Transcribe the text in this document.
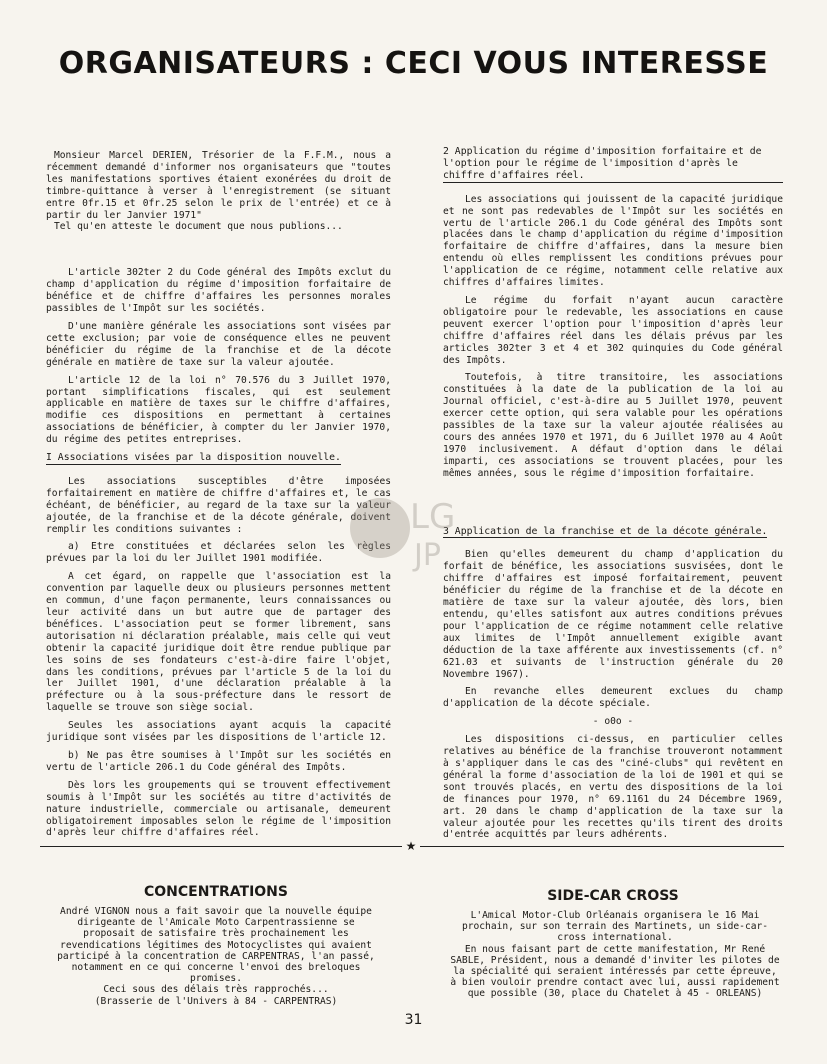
ORGANISATEURS : CECI VOUS INTERESSE

Monsieur Marcel DERIEN, Trésorier de la F.F.M., nous a récemment demandé d'informer nos organisateurs que "toutes les manifestations sportives étaient exonérées du droit de timbre-quittance à verser à l'enregistrement (se situant entre 0fr.15 et 0fr.25 selon le prix de l'entrée) et ce à partir du ler Janvier 1971"

Tel qu'en atteste le document que nous publions...

L'article 302ter 2 du Code général des Impôts exclut du champ d'application du régime d'imposition forfaitaire de bénéfice et de chiffre d'affaires les personnes morales passibles de l'Impôt sur les sociétés.

D'une manière générale les associations sont visées par cette exclusion; par voie de conséquence elles ne peuvent bénéficier du régime de la franchise et de la décote générale en matière de taxe sur la valeur ajoutée.

L'article 12 de la loi n° 70.576 du 3 Juillet 1970, portant simplifications fiscales, qui est seulement applicable en matière de taxes sur le chiffre d'affaires, modifie ces dispositions en permettant à certaines associations de bénéficier, à compter du ler Janvier 1970, du régime des petites entreprises.

I Associations visées par la disposition nouvelle.

Les associations susceptibles d'être imposées forfaitairement en matière de chiffre d'affaires et, le cas échéant, de bénéficier, au regard de la taxe sur la valeur ajoutée, de la franchise et de la décote générale, doivent remplir les conditions suivantes :

a) Etre constituées et déclarées selon les règles prévues par la loi du ler Juillet 1901 modifiée.

A cet égard, on rappelle que l'association est la convention par laquelle deux ou plusieurs personnes mettent en commun, d'une façon permanente, leurs connaissances ou leur activité dans un but autre que de partager des bénéfices. L'association peut se former librement, sans autorisation ni déclaration préalable, mais celle qui veut obtenir la capacité juridique doit être rendue publique par les soins de ses fondateurs c'est-à-dire faire l'objet, dans les conditions, prévues par l'article 5 de la loi du ler Juillet 1901, d'une déclaration préalable à la préfecture ou à la sous-préfecture dans le ressort de laquelle se trouve son siège social.

Seules les associations ayant acquis la capacité juridique sont visées par les dispositions de l'article 12.

b) Ne pas être soumises à l'Impôt sur les sociétés en vertu de l'article 206.1 du Code général des Impôts.

Dès lors les groupements qui se trouvent effectivement soumis à l'Impôt sur les sociétés au titre d'activités de nature industrielle, commerciale ou artisanale, demeurent obligatoirement imposables selon le régime de l'imposition d'après leur chiffre d'affaires réel.

2 Application du régime d'imposition forfaitaire et de l'option pour le régime de l'imposition d'après le chiffre d'affaires réel.

Les associations qui jouissent de la capacité juridique et ne sont pas redevables de l'Impôt sur les sociétés en vertu de l'article 206.1 du Code général des Impôts sont placées dans le champ d'application du régime d'imposition forfaitaire de chiffre d'affaires, dans la mesure bien entendu où elles remplissent les conditions prévues pour l'application de ce régime, notamment celle relative aux chiffres d'affaires limites.

Le régime du forfait n'ayant aucun caractère obligatoire pour le redevable, les associations en cause peuvent exercer l'option pour l'imposition d'après leur chiffre d'affaires réel dans les délais prévus par les articles 302ter 3 et 4 et 302 quinquies du Code général des Impôts.

Toutefois, à titre transitoire, les associations constituées à la date de la publication de la loi au Journal officiel, c'est-à-dire au 5 Juillet 1970, peuvent exercer cette option, qui sera valable pour les opérations passibles de la taxe sur la valeur ajoutée réalisées au cours des années 1970 et 1971, du 6 Juillet 1970 au 4 Août 1970 inclusivement. A défaut d'option dans le délai imparti, ces associations se trouvent placées, pour les mêmes années, sous le régime d'imposition forfaitaire.

3 Application de la franchise et de la décote générale.

Bien qu'elles demeurent du champ d'application du forfait de bénéfice, les associations susvisées, dont le chiffre d'affaires est imposé forfaitairement, peuvent bénéficier du régime de la franchise et de la décote en matière de taxe sur la valeur ajoutée, dès lors, bien entendu, qu'elles satisfont aux autres conditions prévues pour l'application de ce régime notamment celle relative aux limites de l'Impôt annuellement exigible avant déduction de la taxe afférente aux investissements (cf. n° 621.03 et suivants de l'instruction générale du 20 Novembre 1967).

En revanche elles demeurent exclues du champ d'application de la décote spéciale.

- o0o -

Les dispositions ci-dessus, en particulier celles relatives au bénéfice de la franchise trouveront notamment à s'appliquer dans le cas des "ciné-clubs" qui revêtent en général la forme d'association de la loi de 1901 et qui se sont trouvés placés, en vertu des dispositions de la loi de finances pour 1970, n° 69.1161 du 24 Décembre 1969, art. 20 dans le champ d'application de la taxe sur la valeur ajoutée pour les recettes qu'ils tirent des droits d'entrée acquittés par leurs adhérents.

LG
JP
★
CONCENTRATIONS

André VIGNON nous a fait savoir que la nouvelle équipe dirigeante de l'Amicale Moto Carpentrassienne se proposait de satisfaire très prochainement les revendications légitimes des Motocyclistes qui avaient participé à la concentration de CARPENTRAS, l'an passé, notamment en ce qui concerne l'envoi des breloques promises.

Ceci sous des délais très rapprochés...

(Brasserie de l'Univers à 84 - CARPENTRAS)

SIDE-CAR CROSS

L'Amical Motor-Club Orléanais organisera le 16 Mai prochain, sur son terrain des Martinets, un side-car-cross international.

En nous faisant part de cette manifestation, Mr René SABLE, Président, nous a demandé d'inviter les pilotes de la spécialité qui seraient intéressés par cette épreuve, à bien vouloir prendre contact avec lui, aussi rapidement que possible (30, place du Chatelet à 45 - ORLEANS)

31
